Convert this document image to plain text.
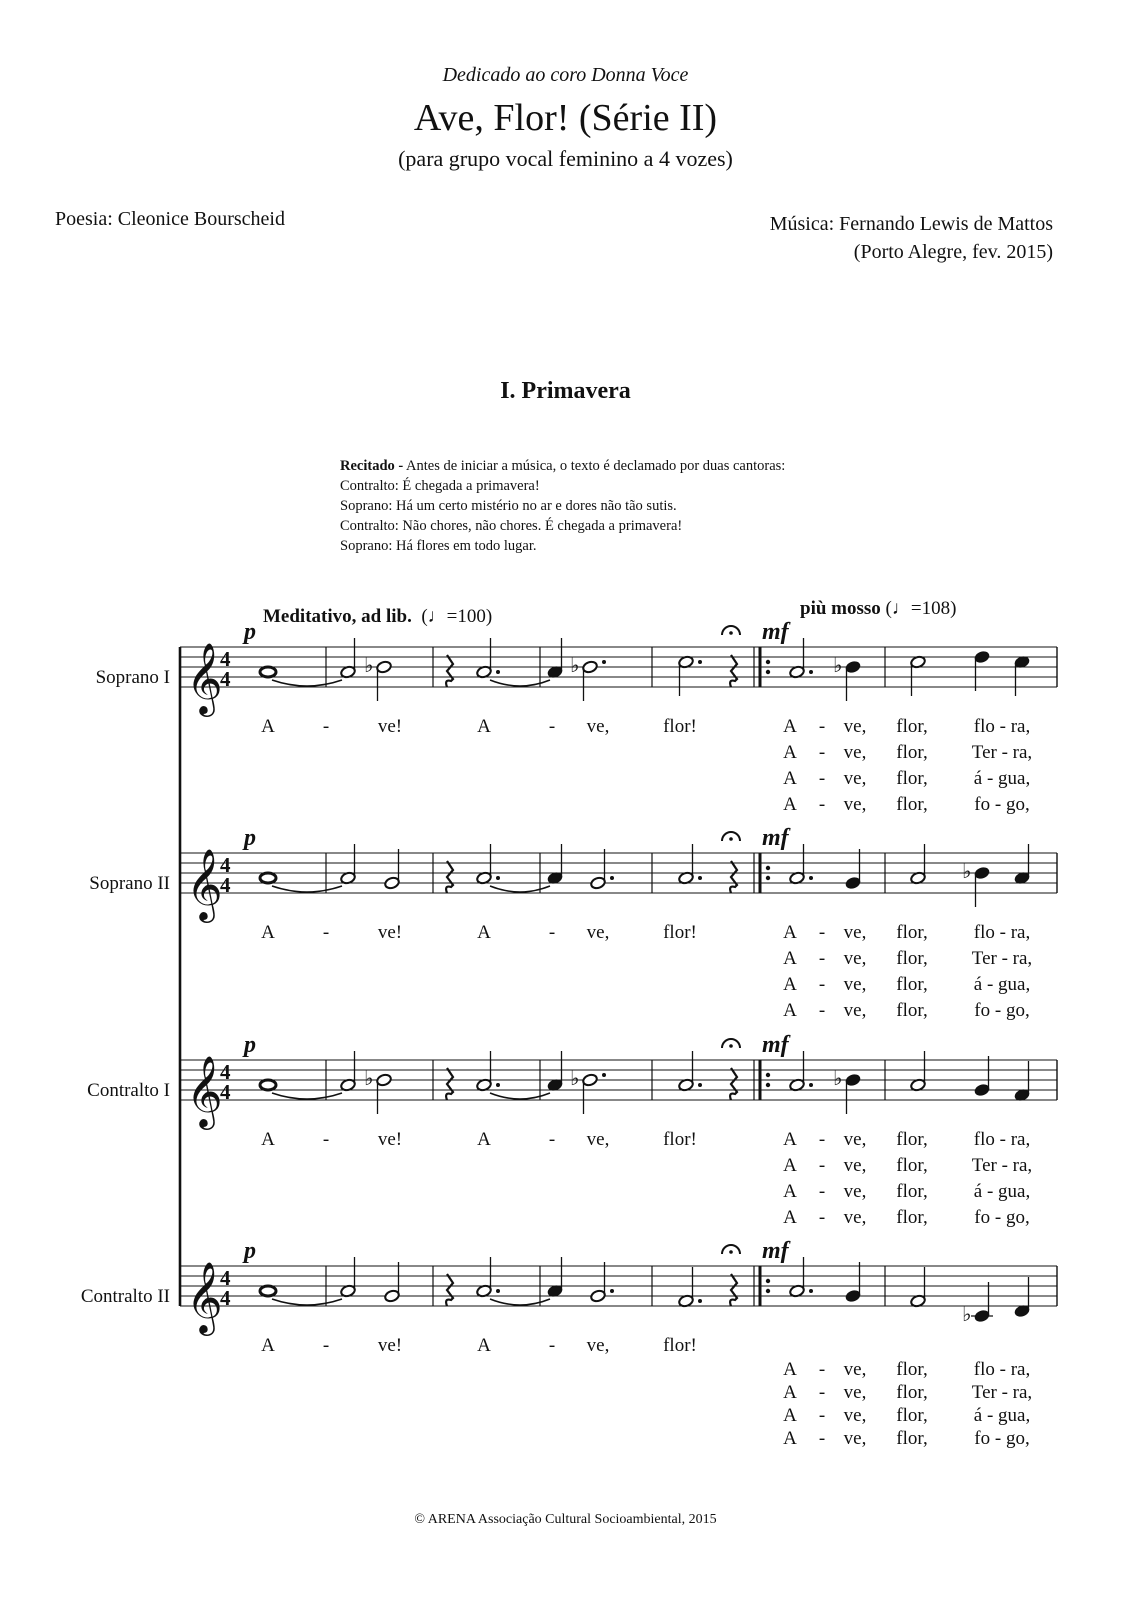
Dedicado ao coro Donna Voce
Ave, Flor! (Série II)
(para grupo vocal feminino a 4 vozes)
Poesia: Cleonice Bourscheid	Música: Fernando Lewis de Mattos
(Porto Alegre, fev. 2015)
I. Primavera
Recitado - Antes de iniciar a música, o texto é declamado por duas cantoras:
Contralto: É chegada a primavera!
Soprano: Há um certo mistério no ar e dores não tão sutis.
Contralto: Não chores, não chores. É chegada a primavera!
Soprano: Há flores em todo lugar.
Meditativo, ad lib. (♩=100)	più mosso (♩=108)
Soprano I
Soprano II
Contralto I
Contralto II
𝄞
4
4
p	mf
♭	♭	♭
A	-	ve!	A	- ve,	flor!	A - ve, flor, flo - ra,
A - ve, flor, Ter - ra,
A - ve, flor, á - gua,
A - ve, flor, fo - go,
𝄞
4
4
p	mf
♭
A	-	ve!	A	- ve,	flor!	A - ve, flor, flo - ra,
A - ve, flor, Ter - ra,
A - ve, flor, á - gua,
A - ve, flor, fo - go,
𝄞
4
4
p	mf
♭	♭	♭
A	-	ve!	A	- ve,	flor!	A - ve, flor, flo - ra,
A - ve, flor, Ter - ra,
A - ve, flor, á - gua,
A - ve, flor, fo - go,
𝄞
4
4
p	mf
♭
A	-	ve!	A	- ve,	flor!
A - ve, flor, flo - ra,
A - ve, flor, Ter - ra,
A - ve, flor, á - gua,
A - ve, flor, fo - go,
© ARENA Associação Cultural Socioambiental, 2015
